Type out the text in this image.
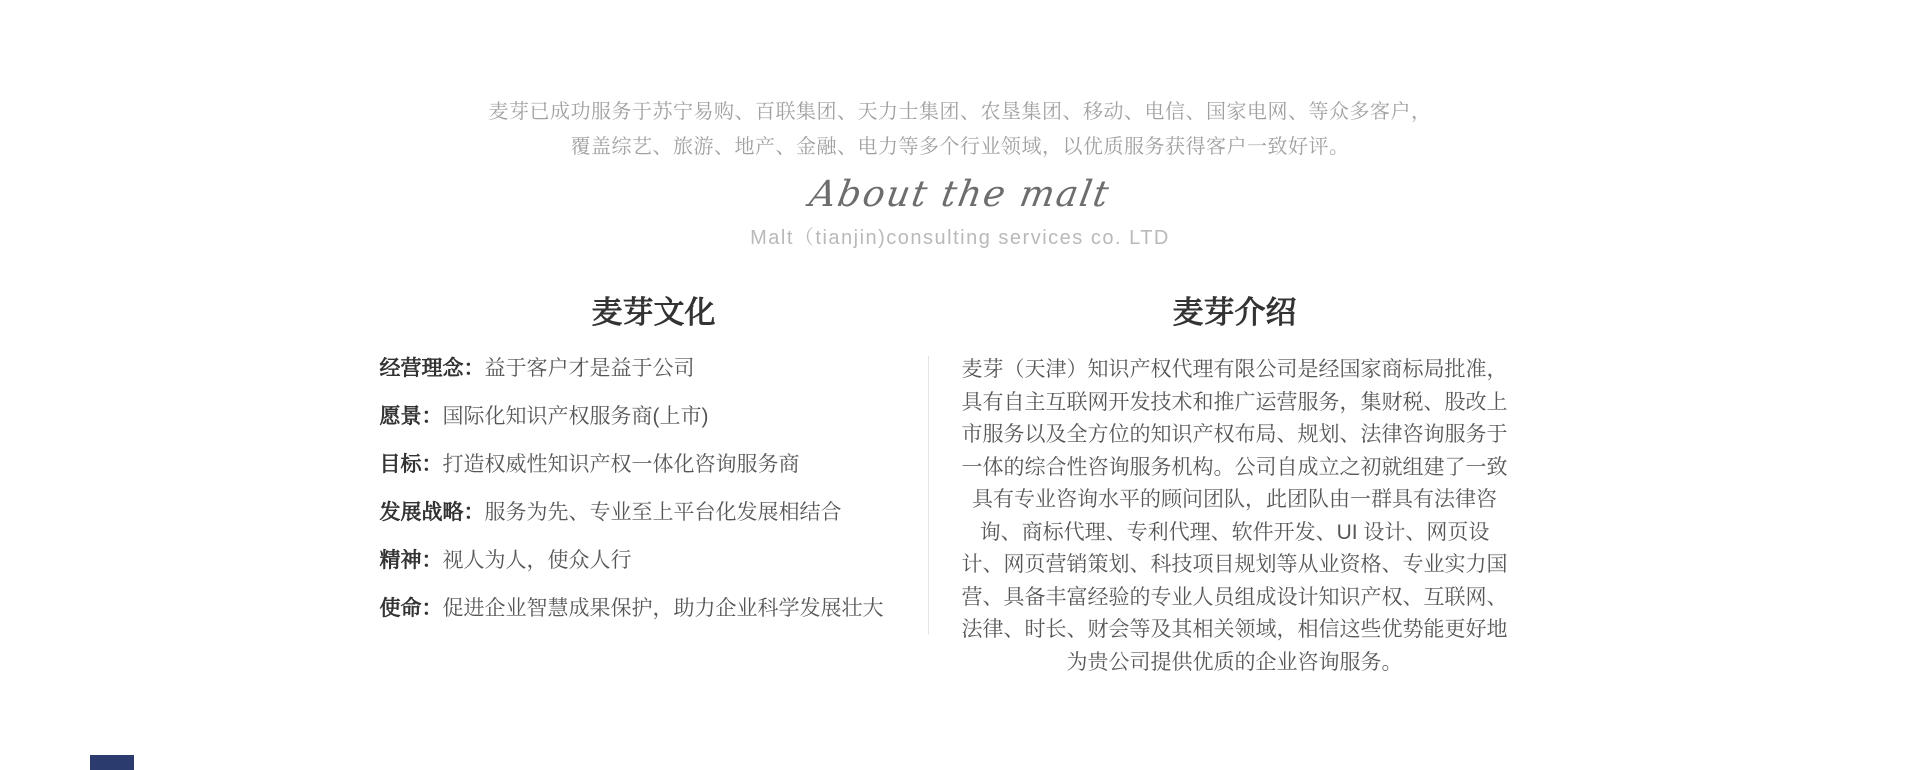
麦芽已成功服务于苏宁易购、百联集团、天力士集团、农垦集团、移动、电信、国家电网、等众多客户，
覆盖综艺、旅游、地产、金融、电力等多个行业领域，以优质服务获得客户一致好评。
About the malt
Malt（tianjin)consulting services co. LTD
麦芽文化
经营理念：益于客户才是益于公司
愿景：国际化知识产权服务商(上市)
目标：打造权威性知识产权一体化咨询服务商
发展战略：服务为先、专业至上平台化发展相结合
精神：视人为人，使众人行
使命：促进企业智慧成果保护，助力企业科学发展壮大
麦芽介绍
麦芽（天津）知识产权代理有限公司是经国家商标局批准，具有自主互联网开发技术和推广运营服务，集财税、股改上市服务以及全方位的知识产权布局、规划、法律咨询服务于一体的综合性咨询服务机构。公司自成立之初就组建了一致具有专业咨询水平的顾问团队，此团队由一群具有法律咨询、商标代理、专利代理、软件开发、UI 设计、网页设计、网页营销策划、科技项目规划等从业资格、专业实力国营、具备丰富经验的专业人员组成设计知识产权、互联网、法律、时长、财会等及其相关领域，相信这些优势能更好地为贵公司提供优质的企业咨询服务。
